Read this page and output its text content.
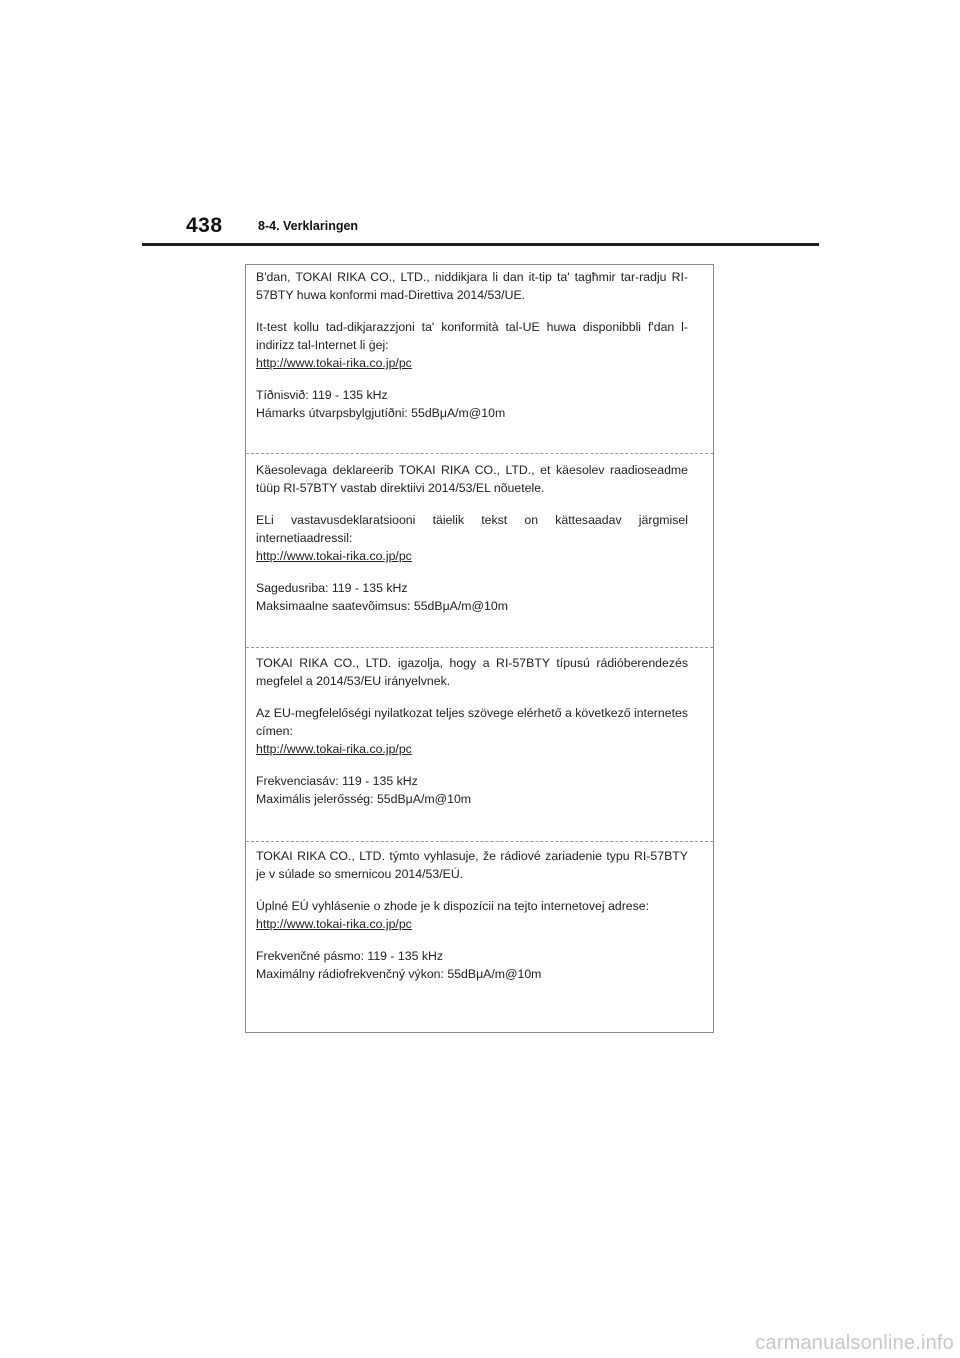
438	8-4. Verklaringen

B'dan, TOKAI RIKA CO., LTD., niddikjara li dan it-tip ta' tagħmir tar-radju RI-57BTY huwa konformi mad-Direttiva 2014/53/UE.

It-test kollu tad-dikjarazzjoni ta' konformità tal-UE huwa disponibbli f'dan l-indirizz tal-Internet li ġej:

http://www.tokai-rika.co.jp/pc

Tíðnisvið: 119 - 135 kHz

Hámarks útvarpsbylgjutíðni: 55dBμA/m@10m

Käesolevaga deklareerib TOKAI RIKA CO., LTD., et käesolev raadioseadme tüüp RI-57BTY vastab direktiivi 2014/53/EL nõuetele.

ELi vastavusdeklaratsiooni täielik tekst on kättesaadav järgmisel internetiaadressil:

http://www.tokai-rika.co.jp/pc

Sagedusriba: 119 - 135 kHz

Maksimaalne saatevõimsus: 55dBμA/m@10m

TOKAI RIKA CO., LTD. igazolja, hogy a RI-57BTY típusú rádióberendezés megfelel a 2014/53/EU irányelvnek.

Az EU-megfelelőségi nyilatkozat teljes szövege elérhető a következő internetes címen:

http://www.tokai-rika.co.jp/pc

Frekvenciasáv: 119 - 135 kHz

Maximális jelerősség: 55dBμA/m@10m

TOKAI RIKA CO., LTD. týmto vyhlasuje, že rádiové zariadenie typu RI-57BTY je v súlade so smernicou 2014/53/EÚ.

Úplné EÚ vyhlásenie o zhode je k dispozícii na tejto internetovej adrese:

http://www.tokai-rika.co.jp/pc

Frekvenčné pásmo: 119 - 135 kHz

Maximálny rádiofrekvenčný výkon: 55dBμA/m@10m

carmanualsonline.info
